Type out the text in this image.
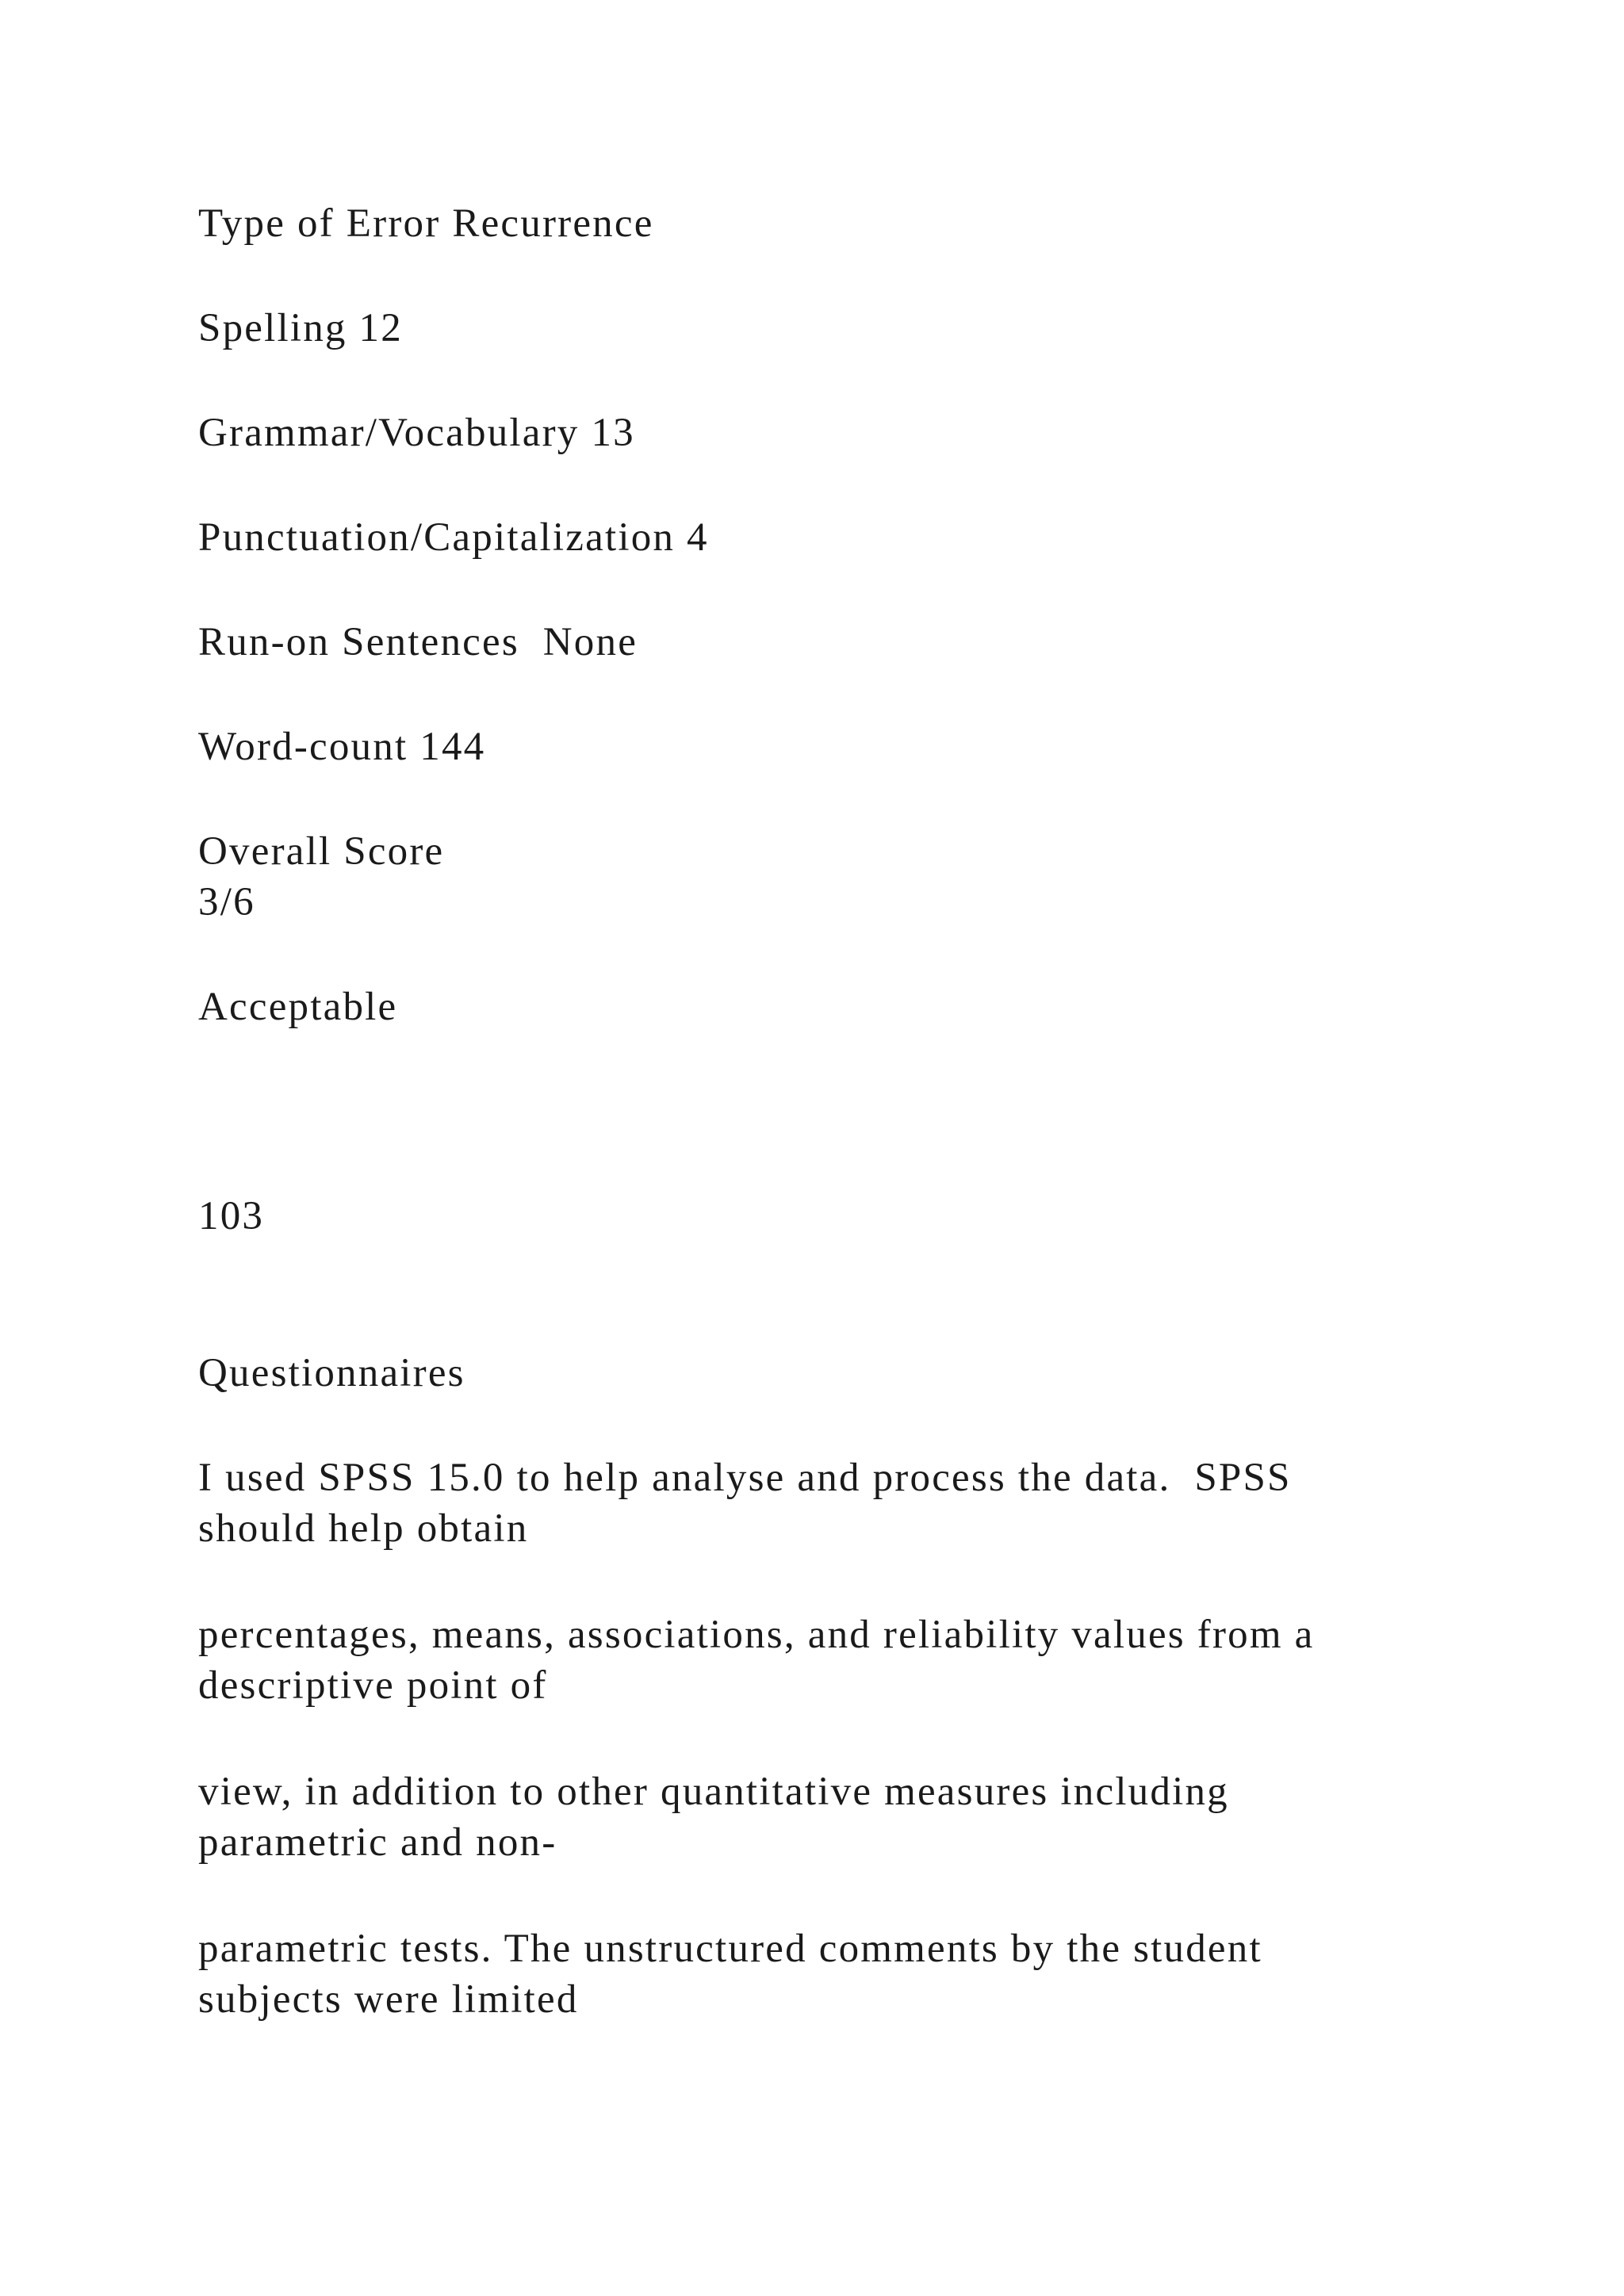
Type of Error Recurrence

Spelling 12

Grammar/Vocabulary 13

Punctuation/Capitalization 4

Run-on Sentences  None

Word-count 144

Overall Score

3/6

Acceptable

103

Questionnaires

I used SPSS 15.0 to help analyse and process the data.  SPSS

should help obtain

percentages, means, associations, and reliability values from a

descriptive point of

view, in addition to other quantitative measures including

parametric and non-

parametric tests. The unstructured comments by the student

subjects were limited
